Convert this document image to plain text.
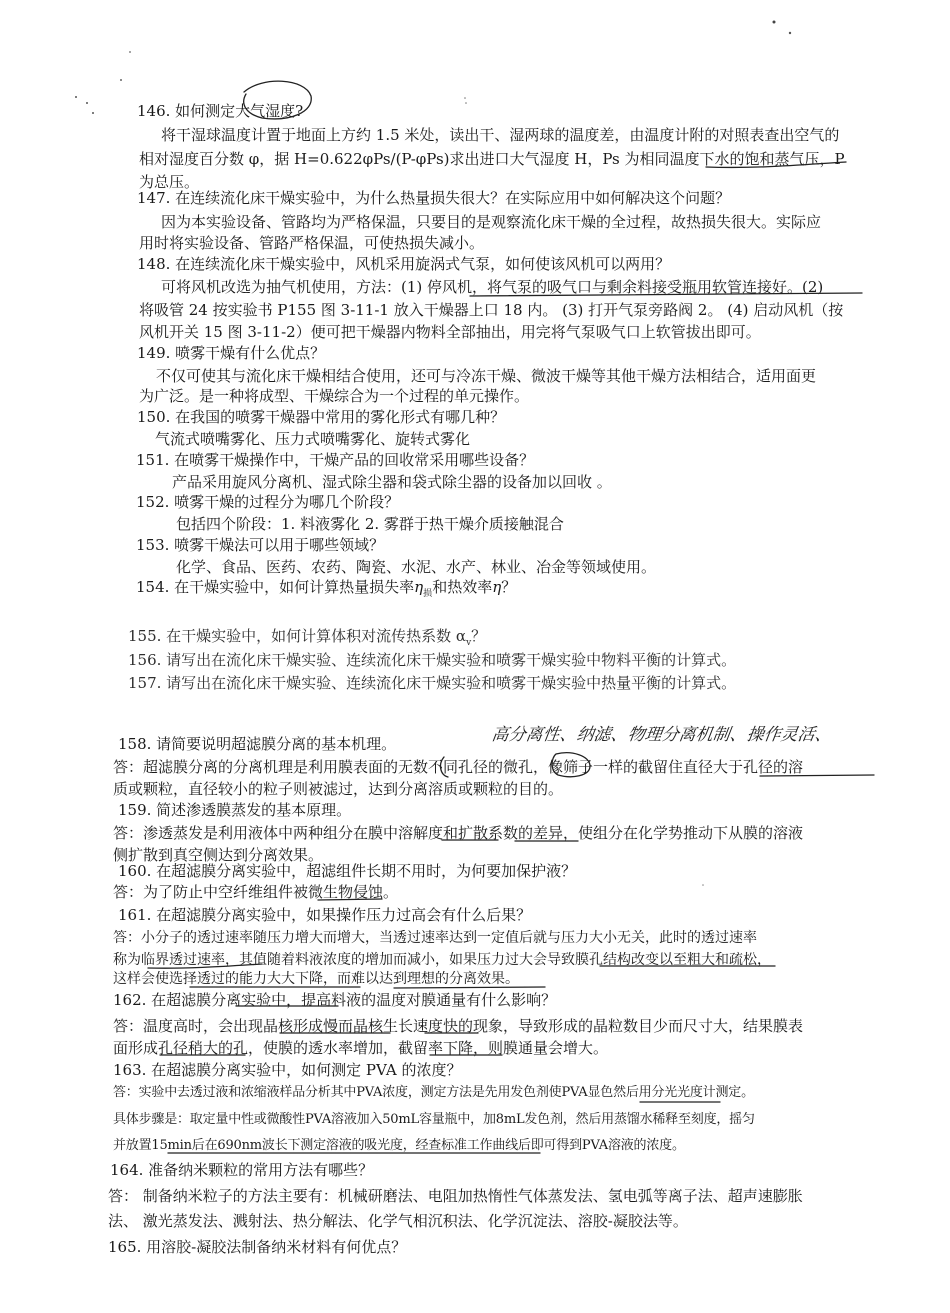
146. 如何测定大气湿度?
将干湿球温度计置于地面上方约 1.5 米处，读出干、湿两球的温度差，由温度计附的对照表查出空气的
相对湿度百分数 φ，据 H=0.622φPs/(P-φPs)求出进口大气湿度 H，Ps 为相同温度下水的饱和蒸气压，P
为总压。
147. 在连续流化床干燥实验中，为什么热量损失很大？在实际应用中如何解决这个问题？
因为本实验设备、管路均为严格保温，只要目的是观察流化床干燥的全过程，故热损失很大。实际应
用时将实验设备、管路严格保温，可使热损失减小。
148. 在连续流化床干燥实验中，风机采用旋涡式气泵，如何使该风机可以两用？
可将风机改选为抽气机使用，方法：(1) 停风机，将气泵的吸气口与剩余料接受瓶用软管连接好。(2)
将吸管 24 按实验书 P155 图 3-11-1 放入干燥器上口 18 内。 (3) 打开气泵旁路阀 2。 (4) 启动风机（按
风机开关 15 图 3-11-2）便可把干燥器内物料全部抽出，用完将气泵吸气口上软管拔出即可。
149. 喷雾干燥有什么优点？
不仅可使其与流化床干燥相结合使用，还可与冷冻干燥、微波干燥等其他干燥方法相结合，适用面更
为广泛。是一种将成型、干燥综合为一个过程的单元操作。
150. 在我国的喷雾干燥器中常用的雾化形式有哪几种？
气流式喷嘴雾化、压力式喷嘴雾化、旋转式雾化
151. 在喷雾干燥操作中，干燥产品的回收常采用哪些设备？
产品采用旋风分离机、湿式除尘器和袋式除尘器的设备加以回收 。
152. 喷雾干燥的过程分为哪几个阶段？
包括四个阶段：1. 料液雾化 2. 雾群于热干燥介质接触混合
153. 喷雾干燥法可以用于哪些领域？
化学、食品、医药、农药、陶瓷、水泥、水产、林业、冶金等领域使用。
154. 在干燥实验中，如何计算热量损失率$\eta_损$和热效率η？
155. 在干燥实验中，如何计算体积对流传热系数 $\alpha_v$？
156. 请写出在流化床干燥实验、连续流化床干燥实验和喷雾干燥实验中物料平衡的计算式。
157. 请写出在流化床干燥实验、连续流化床干燥实验和喷雾干燥实验中热量平衡的计算式。
158. 请简要说明超滤膜分离的基本机理。	高分离性、纳滤、物理分离机制、操作灵活、
答：超滤膜分离的分离机理是利用膜表面的无数不同孔径的微孔，像筛子一样的截留住直径大于孔径的溶
质或颗粒，直径较小的粒子则被滤过，达到分离溶质或颗粒的目的。
159. 简述渗透膜蒸发的基本原理。
答：渗透蒸发是利用液体中两种组分在膜中溶解度和扩散系数的差异，使组分在化学势推动下从膜的溶液
侧扩散到真空侧达到分离效果。
160. 在超滤膜分离实验中，超滤组件长期不用时，为何要加保护液？
答：为了防止中空纤维组件被微生物侵蚀。
161. 在超滤膜分离实验中，如果操作压力过高会有什么后果？
答：小分子的透过速率随压力增大而增大，当透过速率达到一定值后就与压力大小无关，此时的透过速率
称为临界透过速率，其值随着料液浓度的增加而减小，如果压力过大会导致膜孔结构改变以至粗大和疏松，
这样会使选择透过的能力大大下降，而难以达到理想的分离效果。
162. 在超滤膜分离实验中，提高料液的温度对膜通量有什么影响？
答：温度高时，会出现晶核形成慢而晶核生长速度快的现象，导致形成的晶粒数目少而尺寸大，结果膜表
面形成孔径稍大的孔，使膜的透水率增加，截留率下降，则膜通量会增大。
163. 在超滤膜分离实验中，如何测定 PVA 的浓度？
答：实验中去透过液和浓缩液样品分析其中PVA浓度，测定方法是先用发色剂使PVA显色然后用分光光度计测定。
具体步骤是：取定量中性或微酸性PVA溶液加入50mL容量瓶中，加8mL发色剂，然后用蒸馏水稀释至刻度，摇匀
并放置15min后在690nm波长下测定溶液的吸光度，经查标准工作曲线后即可得到PVA溶液的浓度。
164. 准备纳米颗粒的常用方法有哪些？
答： 制备纳米粒子的方法主要有：机械研磨法、电阻加热惰性气体蒸发法、氢电弧等离子法、超声速膨胀
法、 激光蒸发法、溅射法、热分解法、化学气相沉积法、化学沉淀法、溶胶-凝胶法等。
165. 用溶胶-凝胶法制备纳米材料有何优点？
